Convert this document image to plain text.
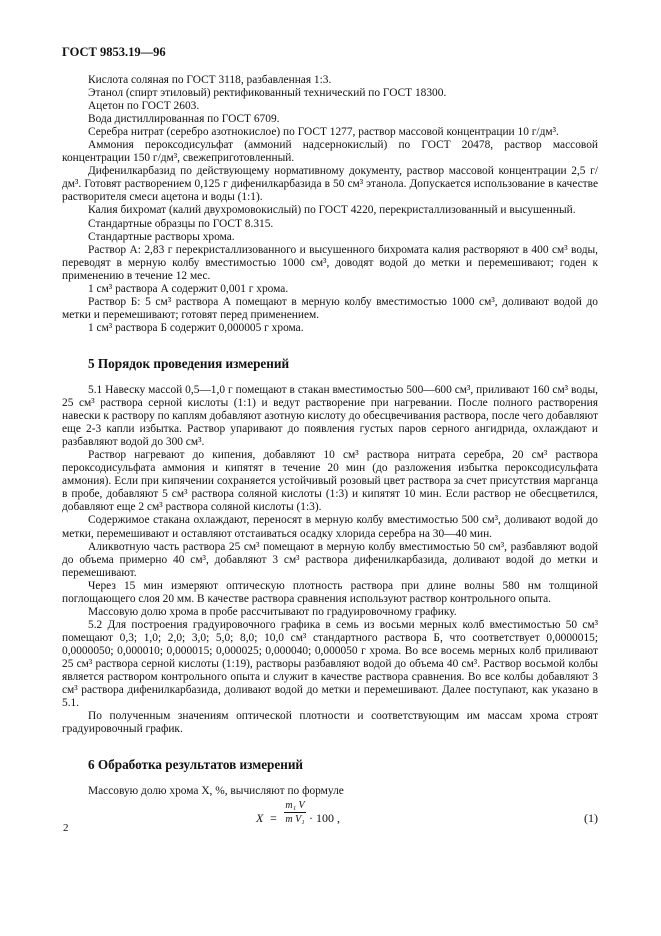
ГОСТ 9853.19—96

Кислота соляная по ГОСТ 3118, разбавленная 1:3.

Этанол (спирт этиловый) ректификованный технический по ГОСТ 18300.

Ацетон по ГОСТ 2603.

Вода дистиллированная по ГОСТ 6709.

Серебра нитрат (серебро азотнокислое) по ГОСТ 1277, раствор массовой концентрации 10 г/дм³.

Аммония пероксодисульфат (аммоний надсернокислый) по ГОСТ 20478, раствор массовой концентрации 150 г/дм³, свежеприготовленный.

Дифенилкарбазид по действующему нормативному документу, раствор массовой концентрации 2,5 г/дм³. Готовят растворением 0,125 г дифенилкарбазида в 50 см³ этанола. Допускается использование в качестве растворителя смеси ацетона и воды (1:1).

Калия бихромат (калий двухромовокислый) по ГОСТ 4220, перекристаллизованный и высушенный.

Стандартные образцы по ГОСТ 8.315.

Стандартные растворы хрома.

Раствор А: 2,83 г перекристаллизованного и высушенного бихромата калия растворяют в 400 см³ воды, переводят в мерную колбу вместимостью 1000 см³, доводят водой до метки и перемешивают; годен к применению в течение 12 мес.

1 см³ раствора А содержит 0,001 г хрома.

Раствор Б: 5 см³ раствора А помещают в мерную колбу вместимостью 1000 см³, доливают водой до метки и перемешивают; готовят перед применением.

1 см³ раствора Б содержит 0,000005 г хрома.

5 Порядок проведения измерений

5.1 Навеску массой 0,5—1,0 г помещают в стакан вместимостью 500—600 см³, приливают 160 см³ воды, 25 см³ раствора серной кислоты (1:1) и ведут растворение при нагревании. После полного растворения навески к раствору по каплям добавляют азотную кислоту до обесцвечивания раствора, после чего добавляют еще 2-3 капли избытка. Раствор упаривают до появления густых паров серного ангидрида, охлаждают и разбавляют водой до 300 см³.

Раствор нагревают до кипения, добавляют 10 см³ раствора нитрата серебра, 20 см³ раствора пероксодисульфата аммония и кипятят в течение 20 мин (до разложения избытка пероксодисульфата аммония). Если при кипячении сохраняется устойчивый розовый цвет раствора за счет присутствия марганца в пробе, добавляют 5 см³ раствора соляной кислоты (1:3) и кипятят 10 мин. Если раствор не обесцветился, добавляют еще 2 см³ раствора соляной кислоты (1:3).

Содержимое стакана охлаждают, переносят в мерную колбу вместимостью 500 см³, доливают водой до метки, перемешивают и оставляют отстаиваться осадку хлорида серебра на 30—40 мин.

Аликвотную часть раствора 25 см³ помещают в мерную колбу вместимостью 50 см³, разбавляют водой до объема примерно 40 см³, добавляют 3 см³ раствора дифенилкарбазида, доливают водой до метки и перемешивают.

Через 15 мин измеряют оптическую плотность раствора при длине волны 580 нм толщиной поглощающего слоя 20 мм. В качестве раствора сравнения используют раствор контрольного опыта.

Массовую долю хрома в пробе рассчитывают по градуировочному графику.

5.2 Для построения градуировочного графика в семь из восьми мерных колб вместимостью 50 см³ помещают 0,3; 1,0; 2,0; 3,0; 5,0; 8,0; 10,0 см³ стандартного раствора Б, что соответствует 0,0000015; 0,0000050; 0,000010; 0,000015; 0,000025; 0,000040; 0,000050 г хрома. Во все восемь мерных колб приливают 25 см³ раствора серной кислоты (1:19), растворы разбавляют водой до объема 40 см³. Раствор восьмой колбы является раствором контрольного опыта и служит в качестве раствора сравнения. Во все колбы добавляют 3 см³ раствора дифенилкарбазида, доливают водой до метки и перемешивают. Далее поступают, как указано в 5.1.

По полученным значениям оптической плотности и соответствующим им массам хрома строят градуировочный график.

6 Обработка результатов измерений

Массовую долю хрома X, %, вычисляют по формуле

$X = \frac{\text{m₁ V}}{\text{m V₁}} \cdot 100$ ,	(1)
2
